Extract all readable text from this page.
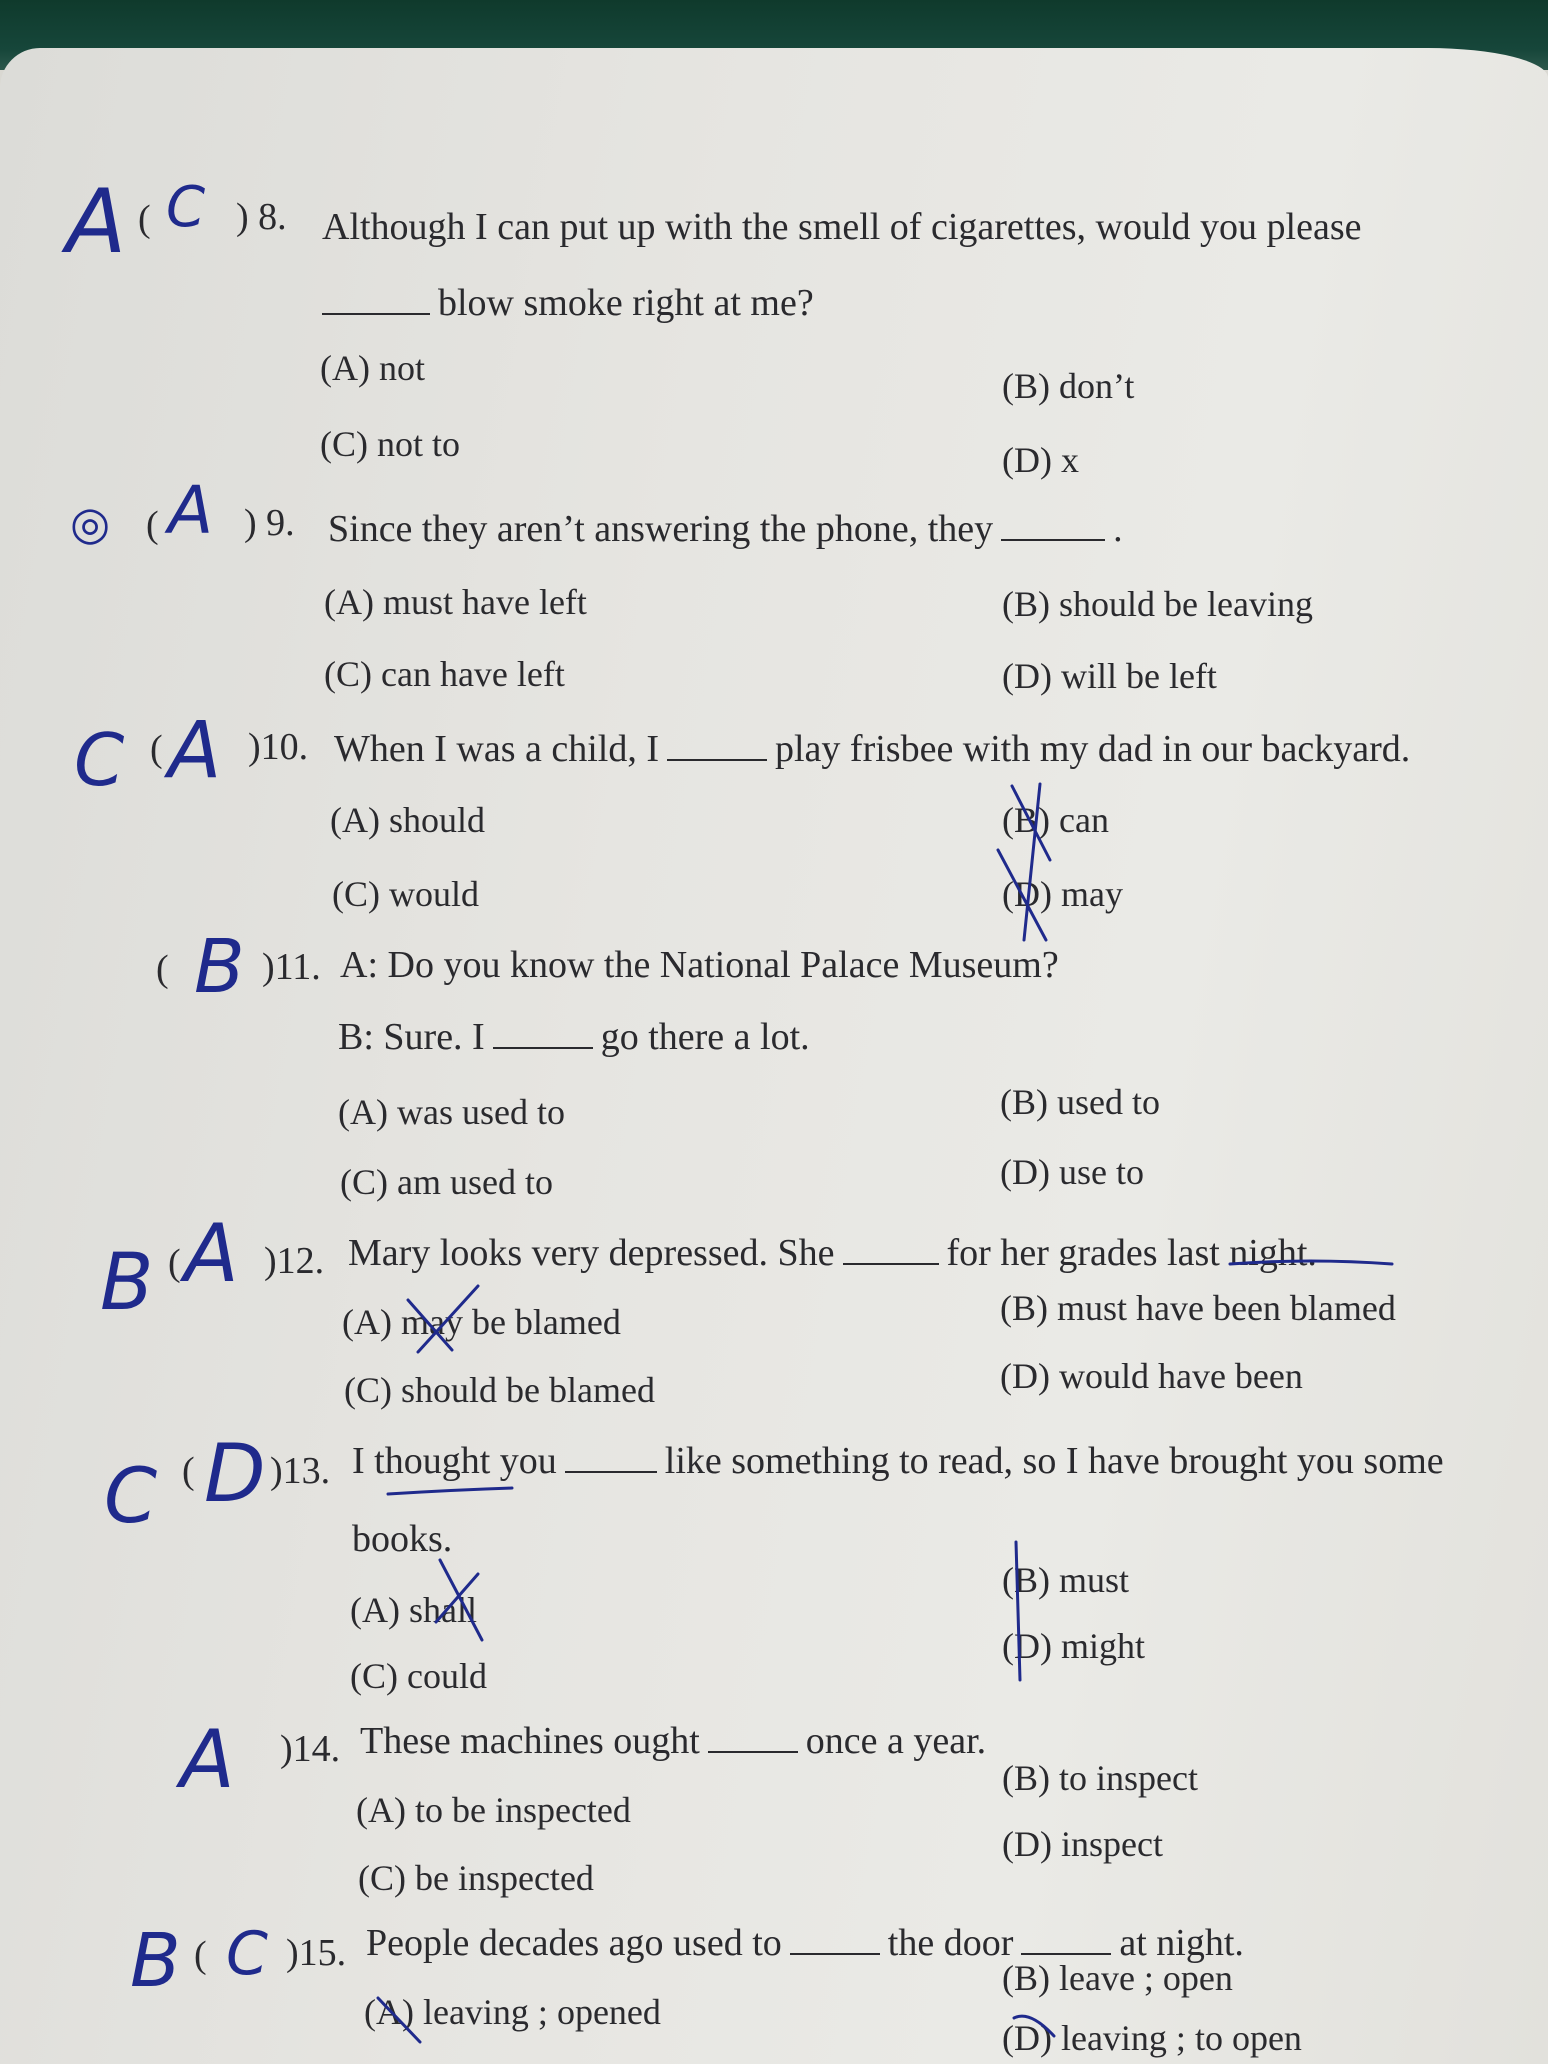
A ( C ) 8. Although I can put up with the smell of cigarettes, would you please
blow smoke right at me?
(A) not	(B) don’t
(C) not to	(D) x
◎ ( A ) 9. Since they aren’t answering the phone, they	.
(A) must have left	(B) should be leaving
(C) can have left	(D) will be left
C ( A )10. When I was a child, I	play frisbee with my dad in our backyard.
(A) should	(B) can
(C) would	(D) may
( B )11. A: Do you know the National Palace Museum?
B: Sure. I	go there a lot.
(A) was used to	(B) used to
(C) am used to	(D) use to
B ( A )12. Mary looks very depressed. She	for her grades last night.
(A) may be blamed	(B) must have been blamed
(C) should be blamed	(D) would have been
C ( D )13. I thought you	like something to read, so I have brought you some
books.
(A) shall
(B) must
(C) could
(D) might
A )14. These machines ought	once a year.
(A) to be inspected
(B) to inspect
(C) be inspected
(D) inspect
B ( C )15. People decades ago used to	the door	at night.
(A) leaving ; opened
(B) leave ; open
(D) leaving ; to open
